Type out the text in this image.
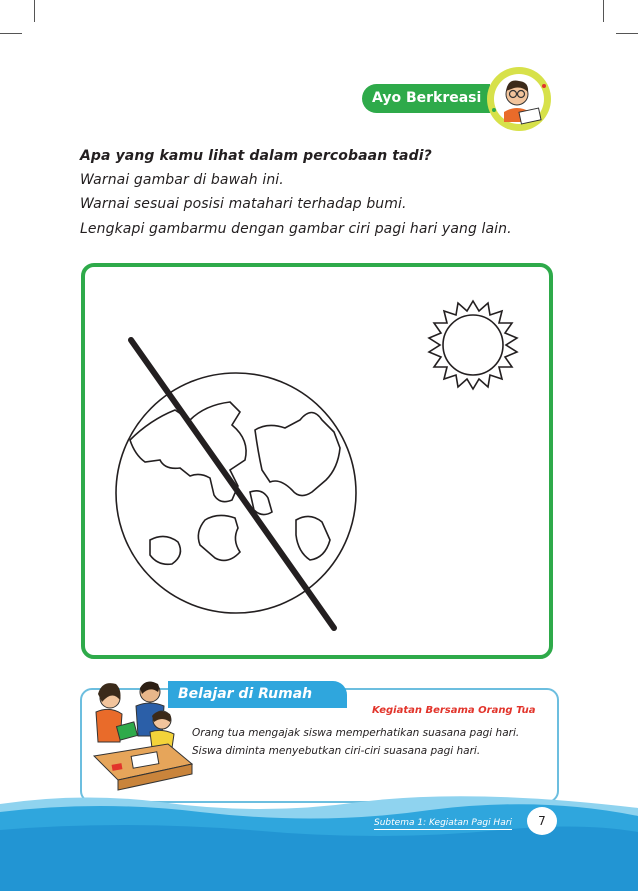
Ayo Berkreasi
Apa yang kamu lihat dalam percobaan tadi?
Warnai gambar di bawah ini.
Warnai sesuai posisi matahari terhadap bumi.
Lengkapi gambarmu dengan gambar ciri pagi hari yang lain.
Belajar di Rumah
Kegiatan Bersama Orang Tua
Orang tua mengajak siswa memperhatikan suasana pagi hari.
Siswa diminta menyebutkan ciri-ciri suasana pagi hari.
Subtema 1: Kegiatan Pagi Hari	7
